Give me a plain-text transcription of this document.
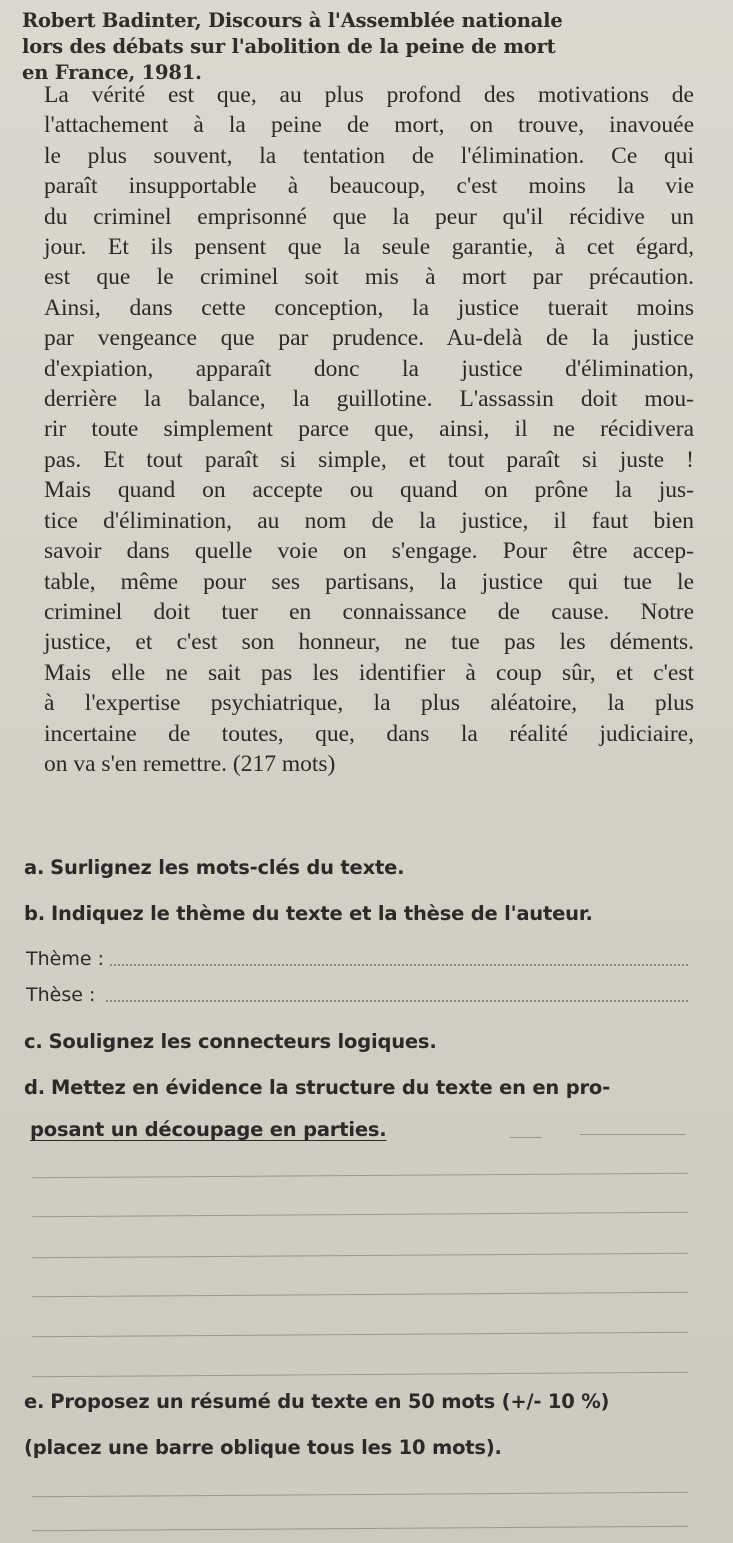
Robert Badinter, Discours à l'Assemblée nationale
lors des débats sur l'abolition de la peine de mort
en France, 1981.
La vérité est que, au plus profond des motivations de
l'attachement à la peine de mort, on trouve, inavouée
le plus souvent, la tentation de l'élimination. Ce qui
paraît insupportable à beaucoup, c'est moins la vie
du criminel emprisonné que la peur qu'il récidive un
jour. Et ils pensent que la seule garantie, à cet égard,
est que le criminel soit mis à mort par précaution.
Ainsi, dans cette conception, la justice tuerait moins
par vengeance que par prudence. Au-delà de la justice
d'expiation, apparaît donc la justice d'élimination,
derrière la balance, la guillotine. L'assassin doit mou-
rir toute simplement parce que, ainsi, il ne récidivera
pas. Et tout paraît si simple, et tout paraît si juste !
Mais quand on accepte ou quand on prône la jus-
tice d'élimination, au nom de la justice, il faut bien
savoir dans quelle voie on s'engage. Pour être accep-
table, même pour ses partisans, la justice qui tue le
criminel doit tuer en connaissance de cause. Notre
justice, et c'est son honneur, ne tue pas les déments.
Mais elle ne sait pas les identifier à coup sûr, et c'est
à l'expertise psychiatrique, la plus aléatoire, la plus
incertaine de toutes, que, dans la réalité judiciaire,
on va s'en remettre. (217 mots)
a. Surlignez les mots-clés du texte.
b. Indiquez le thème du texte et la thèse de l'auteur.
Thème :
Thèse :
c. Soulignez les connecteurs logiques.
d. Mettez en évidence la structure du texte en en pro-
posant un découpage en parties.
e. Proposez un résumé du texte en 50 mots (+/- 10 %)
(placez une barre oblique tous les 10 mots).
